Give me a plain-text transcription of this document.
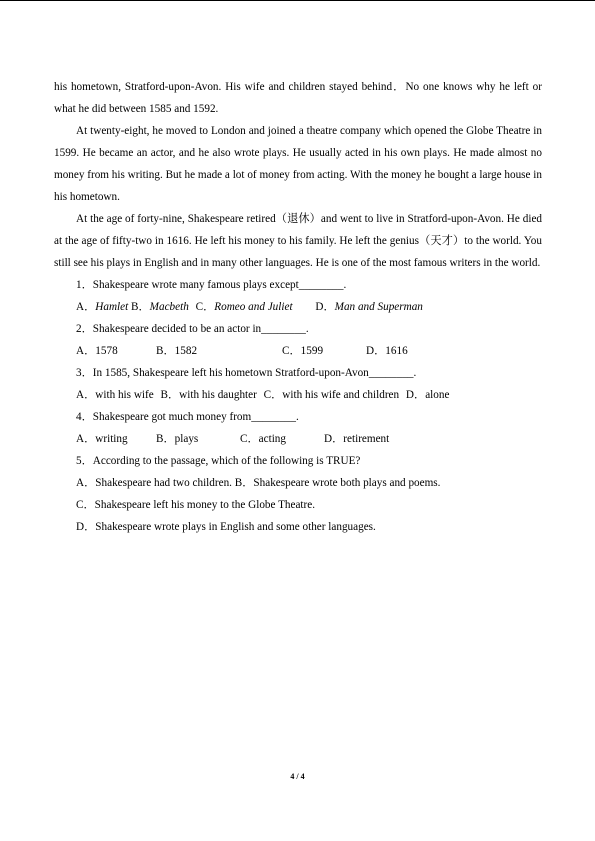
his hometown, Stratford-upon-Avon. His wife and children stayed behind．No one knows why he left or what he did between 1585 and 1592.

At twenty-eight, he moved to London and joined a theatre company which opened the Globe Theatre in 1599. He became an actor, and he also wrote plays. He usually acted in his own plays. He made almost no money from his writing. But he made a lot of money from acting. With the money he bought a large house in his hometown.

At the age of forty-nine, Shakespeare retired（退休）and went to live in Stratford-upon-Avon. He died at the age of fifty-two in 1616. He left his money to his family. He left the genius（天才）to the world. You still see his plays in English and in many other languages. He is one of the most famous writers in the world.

1．Shakespeare wrote many famous plays except________.

A．Hamlet B．Macbeth C．Romeo and Juliet D．Man and Superman

2．Shakespeare decided to be an actor in________.

A．1578	B．1582	C．1599	D．1616

3．In 1585, Shakespeare left his hometown Stratford-upon-Avon________.

A．with his wife B．with his daughter C．with his wife and children D．alone

4．Shakespeare got much money from________.

A．writing	B．plays	C．acting	D．retirement

5．According to the passage, which of the following is TRUE?

A．Shakespeare had two children. B．Shakespeare wrote both plays and poems.

C．Shakespeare left his money to the Globe Theatre.

D．Shakespeare wrote plays in English and some other languages.

4 / 4
